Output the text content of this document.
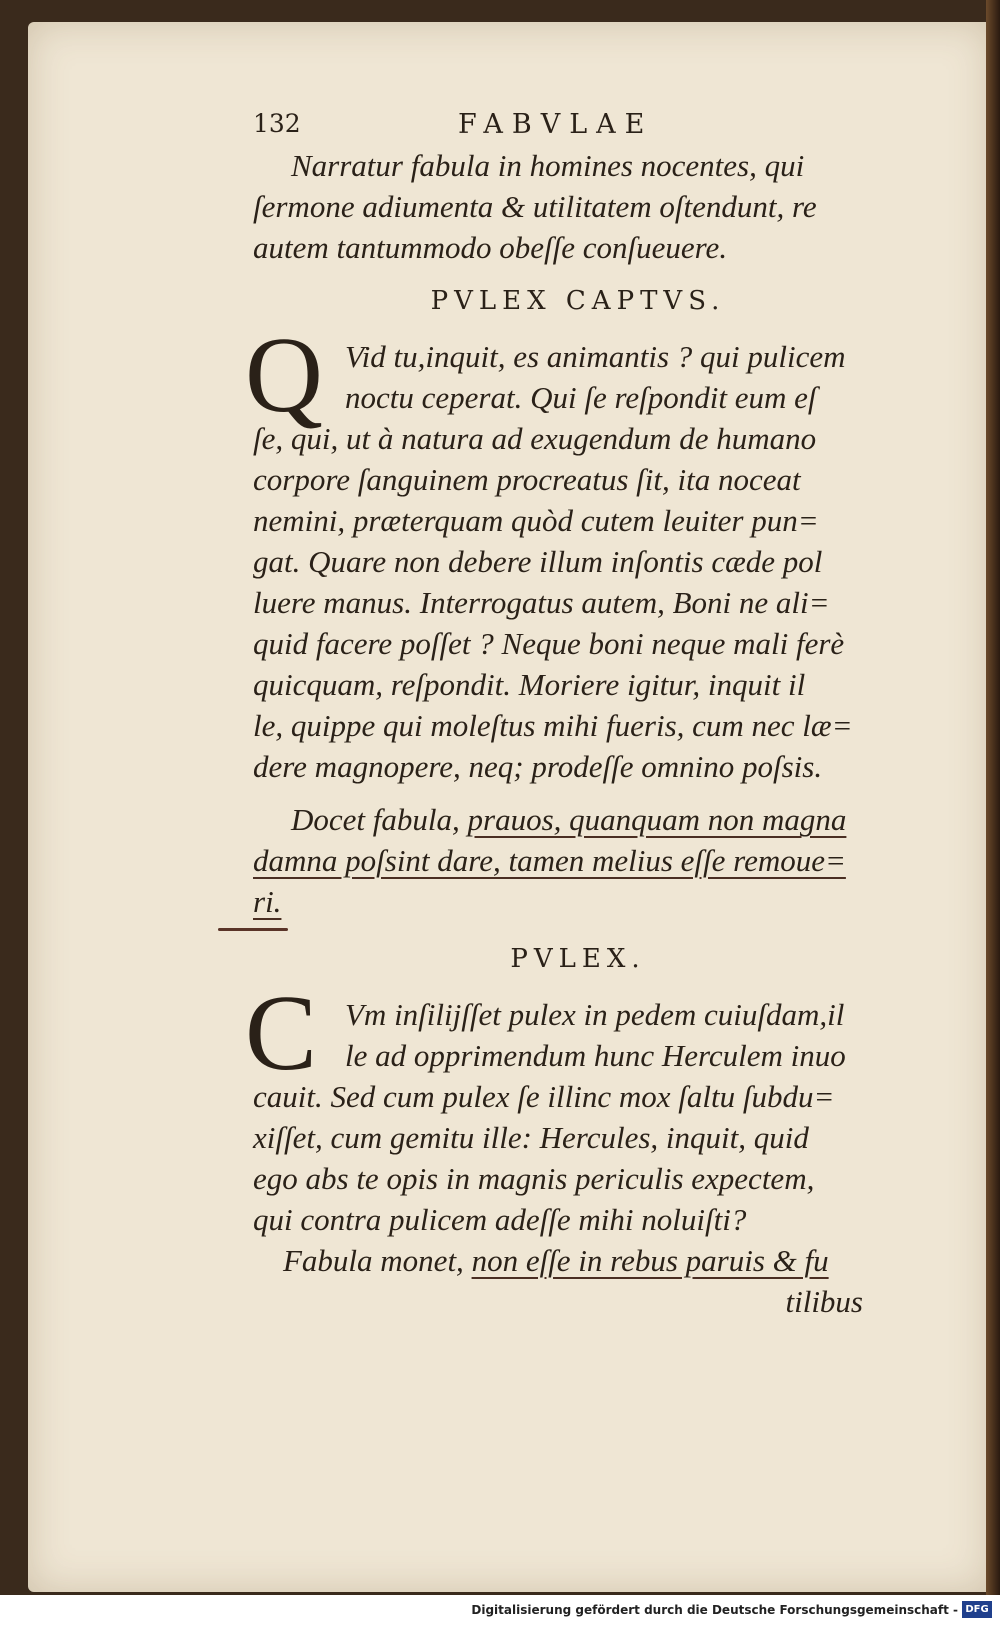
132	FABVLAE

Narratur fabula in homines nocentes, qui
ſermone adiumenta & utilitatem oſtendunt, re
autem tantummodo obeſſe conſueuere.

PVLEX CAPTVS.

Q Vid tu,inquit, es animantis ? qui pulicem
noctu ceperat. Qui ſe reſpondit eum eſ
ſe, qui, ut à natura ad exugendum de humano
corpore ſanguinem procreatus ſit, ita noceat
nemini, præterquam quòd cutem leuiter pun=
gat. Quare non debere illum inſontis cæde pol
luere manus. Interrogatus autem, Boni ne ali=
quid facere poſſet ? Neque boni neque mali ferè
quicquam, reſpondit. Moriere igitur, inquit il
le, quippe qui moleſtus mihi fueris, cum nec læ=
dere magnopere, neq; prodeſſe omnino poſsis.

Docet fabula, prauos, quanquam non magna
damna poſsint dare, tamen melius eſſe remoue=
ri.

PVLEX.

C Vm inſilijſſet pulex in pedem cuiuſdam,il
le ad opprimendum hunc Herculem inuo
cauit. Sed cum pulex ſe illinc mox ſaltu ſubdu=
xiſſet, cum gemitu ille: Hercules, inquit, quid
ego abs te opis in magnis periculis expectem,
qui contra pulicem adeſſe mihi noluiſti?

Fabula monet, non eſſe in rebus paruis & fu
tilibus

Digitalisierung gefördert durch die Deutsche Forschungsgemeinschaft - DFG
